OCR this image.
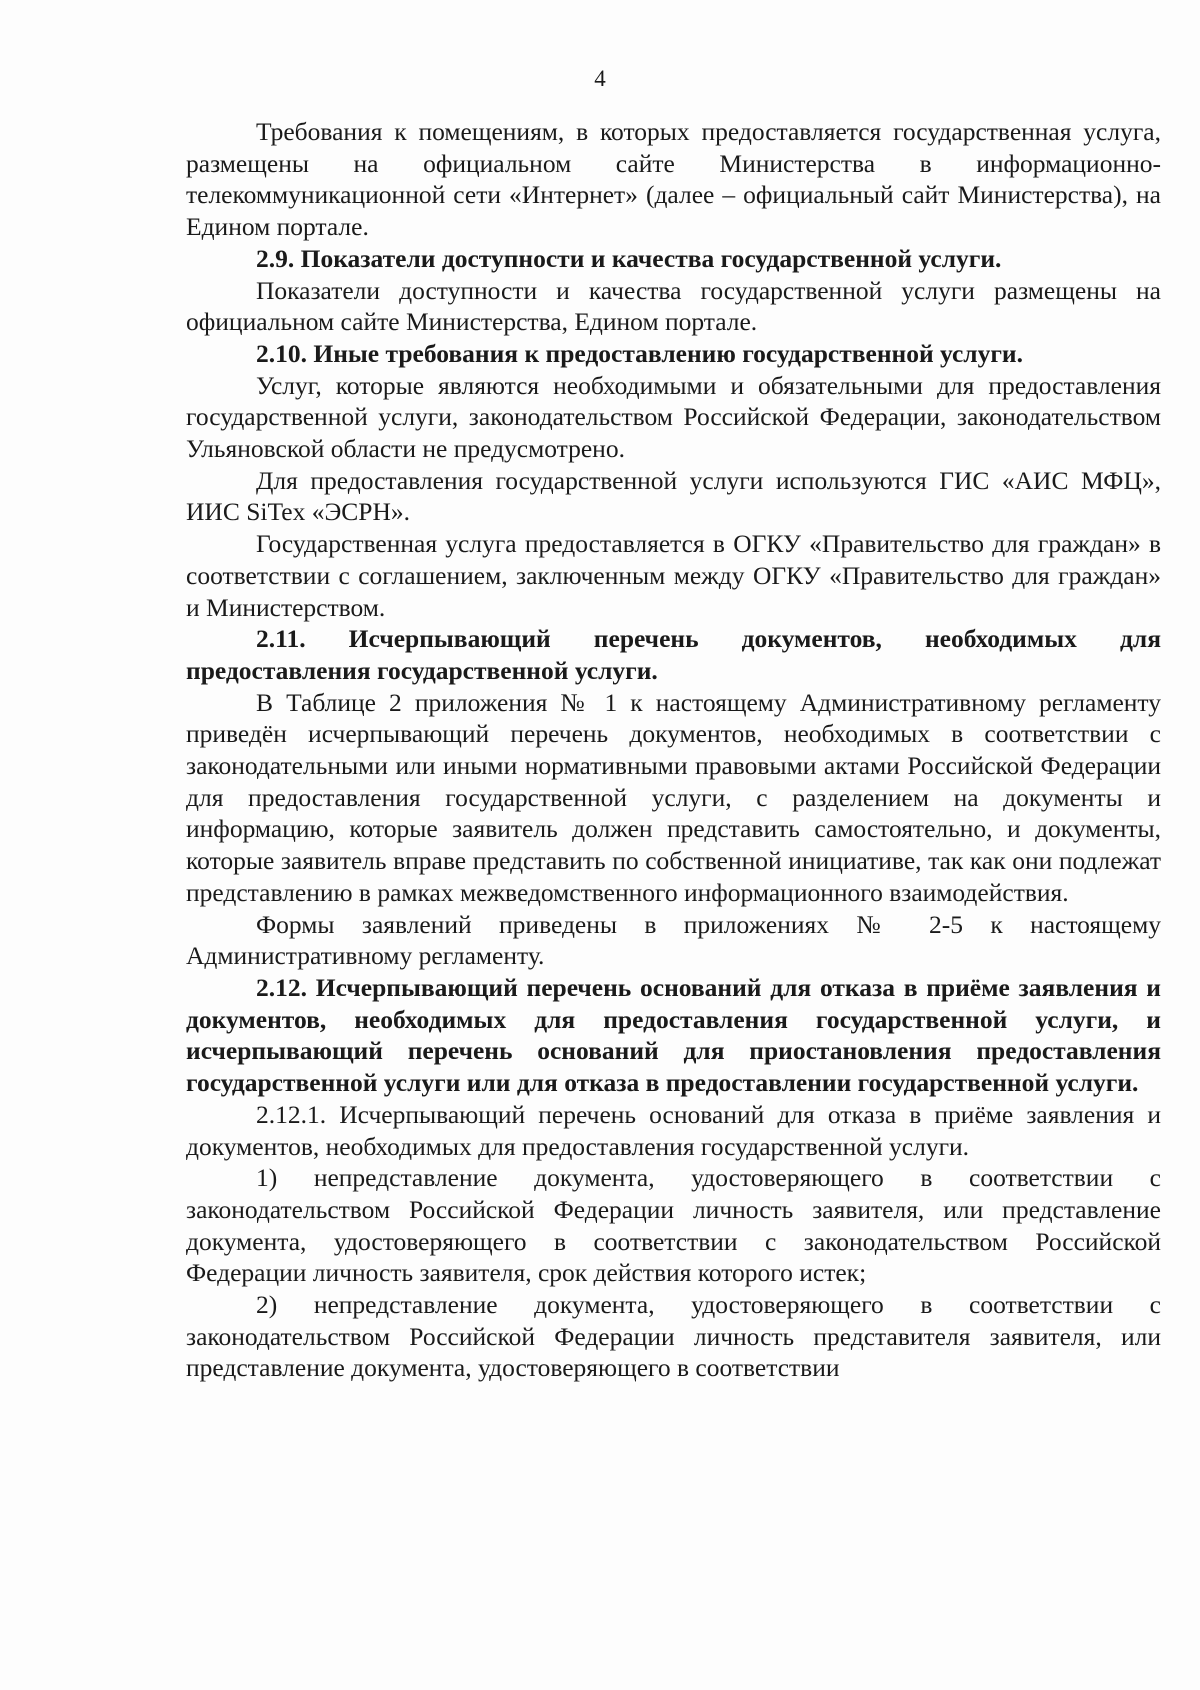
4

Требования к помещениям, в которых предоставляется государственная услуга, размещены на официальном сайте Министерства в информационно-телекоммуникационной сети «Интернет» (далее – официальный сайт Министерства), на Едином портале.

2.9. Показатели доступности и качества государственной услуги.

Показатели доступности и качества государственной услуги размещены на официальном сайте Министерства, Едином портале.

2.10. Иные требования к предоставлению государственной услуги.

Услуг, которые являются необходимыми и обязательными для предоставления государственной услуги, законодательством Российской Федерации, законодательством Ульяновской области не предусмотрено.

Для предоставления государственной услуги используются ГИС «АИС МФЦ», ИИС SiTex «ЭСРН».

Государственная услуга предоставляется в ОГКУ «Правительство для граждан» в соответствии с соглашением, заключенным между ОГКУ «Правительство для граждан» и Министерством.

2.11. Исчерпывающий перечень документов, необходимых для предоставления государственной услуги.

В Таблице 2 приложения № 1 к настоящему Административному регламенту приведён исчерпывающий перечень документов, необходимых в соответствии с законодательными или иными нормативными правовыми актами Российской Федерации для предоставления государственной услуги, с разделением на документы и информацию, которые заявитель должен представить самостоятельно, и документы, которые заявитель вправе представить по собственной инициативе, так как они подлежат представлению в рамках межведомственного информационного взаимодействия.

Формы заявлений приведены в приложениях № 2-5 к настоящему Административному регламенту.

2.12. Исчерпывающий перечень оснований для отказа в приёме заявления и документов, необходимых для предоставления государственной услуги, и исчерпывающий перечень оснований для приостановления предоставления государственной услуги или для отказа в предоставлении государственной услуги.

2.12.1. Исчерпывающий перечень оснований для отказа в приёме заявления и документов, необходимых для предоставления государственной услуги.

1) непредставление документа, удостоверяющего в соответствии с законодательством Российской Федерации личность заявителя, или представление документа, удостоверяющего в соответствии с законодательством Российской Федерации личность заявителя, срок действия которого истек;

2) непредставление документа, удостоверяющего в соответствии с законодательством Российской Федерации личность представителя заявителя, или представление документа, удостоверяющего в соответствии
